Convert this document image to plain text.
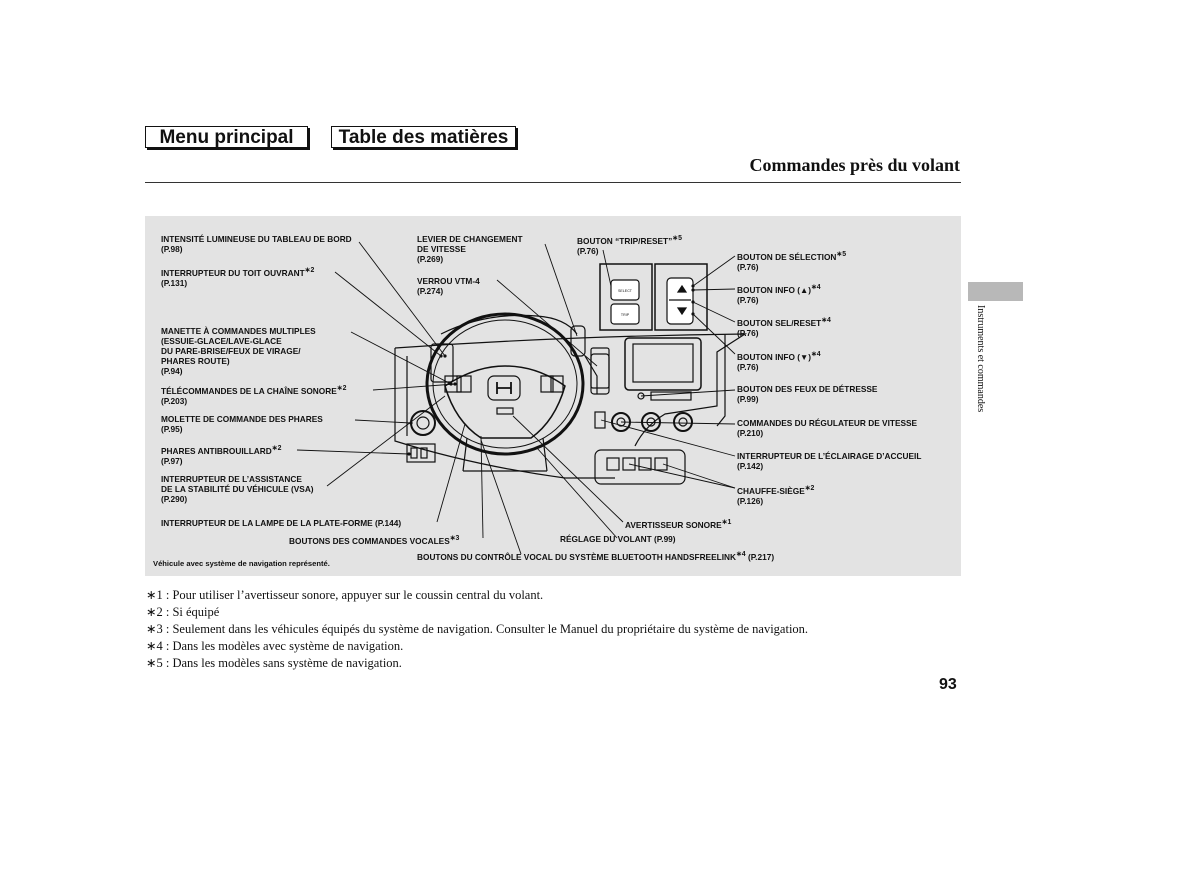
Menu principal	Table des matières
Commandes près du volant
Instruments et commandes
SELECT
TRIP
INTENSITÉ LUMINEUSE DU TABLEAU DE BORD
(P.98)
INTERRUPTEUR DU TOIT $OUVRANT^{∗2}$
(P.131)
MANETTE À COMMANDES MULTIPLES
(ESSUIE-GLACE/LAVE-GLACE
DU PARE-BRISE/FEUX DE VIRAGE/
PHARES ROUTE)
(P.94)
TÉLÉCOMMANDES DE LA CHAÎNE $SONORE^{∗2}$
(P.203)
MOLETTE DE COMMANDE DES PHARES
(P.95)
PHARES $ANTIBROUILLARD^{∗2}$
(P.97)
INTERRUPTEUR DE L’ASSISTANCE
DE LA STABILITÉ DU VÉHICULE (VSA)
(P.290)
INTERRUPTEUR DE LA LAMPE DE LA PLATE-FORME (P.144)
BOUTONS DES COMMANDES $VOCALES^{∗3}$
LEVIER DE CHANGEMENT
DE VITESSE
(P.269)
VERROU VTM-4
(P.274)
BOUTON “TRIP/RESET”$^{∗5}$
(P.76)
BOUTON DE $SÉLECTION^{∗5}$
(P.76)
BOUTON INFO (▲)$^{∗4}$
(P.76)
BOUTON SEL/$RESET^{∗4}$
(P.76)
BOUTON INFO (▼)$^{∗4}$
(P.76)
BOUTON DES FEUX DE DÉTRESSE
(P.99)
COMMANDES DU RÉGULATEUR DE VITESSE
(P.210)
INTERRUPTEUR DE L’ÉCLAIRAGE D’ACCUEIL
(P.142)
CHAUFFE-$SIÈGE^{∗2}$
(P.126)
AVERTISSEUR $SONORE^{∗1}$
RÉGLAGE DU VOLANT (P.99)
BOUTONS DU CONTRÔLE VOCAL DU SYSTÈME BLUETOOTH $HANDSFREELINK^{∗4}$ (P.217)
Véhicule avec système de navigation représenté.
∗1 : Pour utiliser l’avertisseur sonore, appuyer sur le coussin central du volant.
∗2 : Si équipé
∗3 : Seulement dans les véhicules équipés du système de navigation. Consulter le Manuel du propriétaire du système de navigation.
∗4 : Dans les modèles avec système de navigation.
∗5 : Dans les modèles sans système de navigation.
93
